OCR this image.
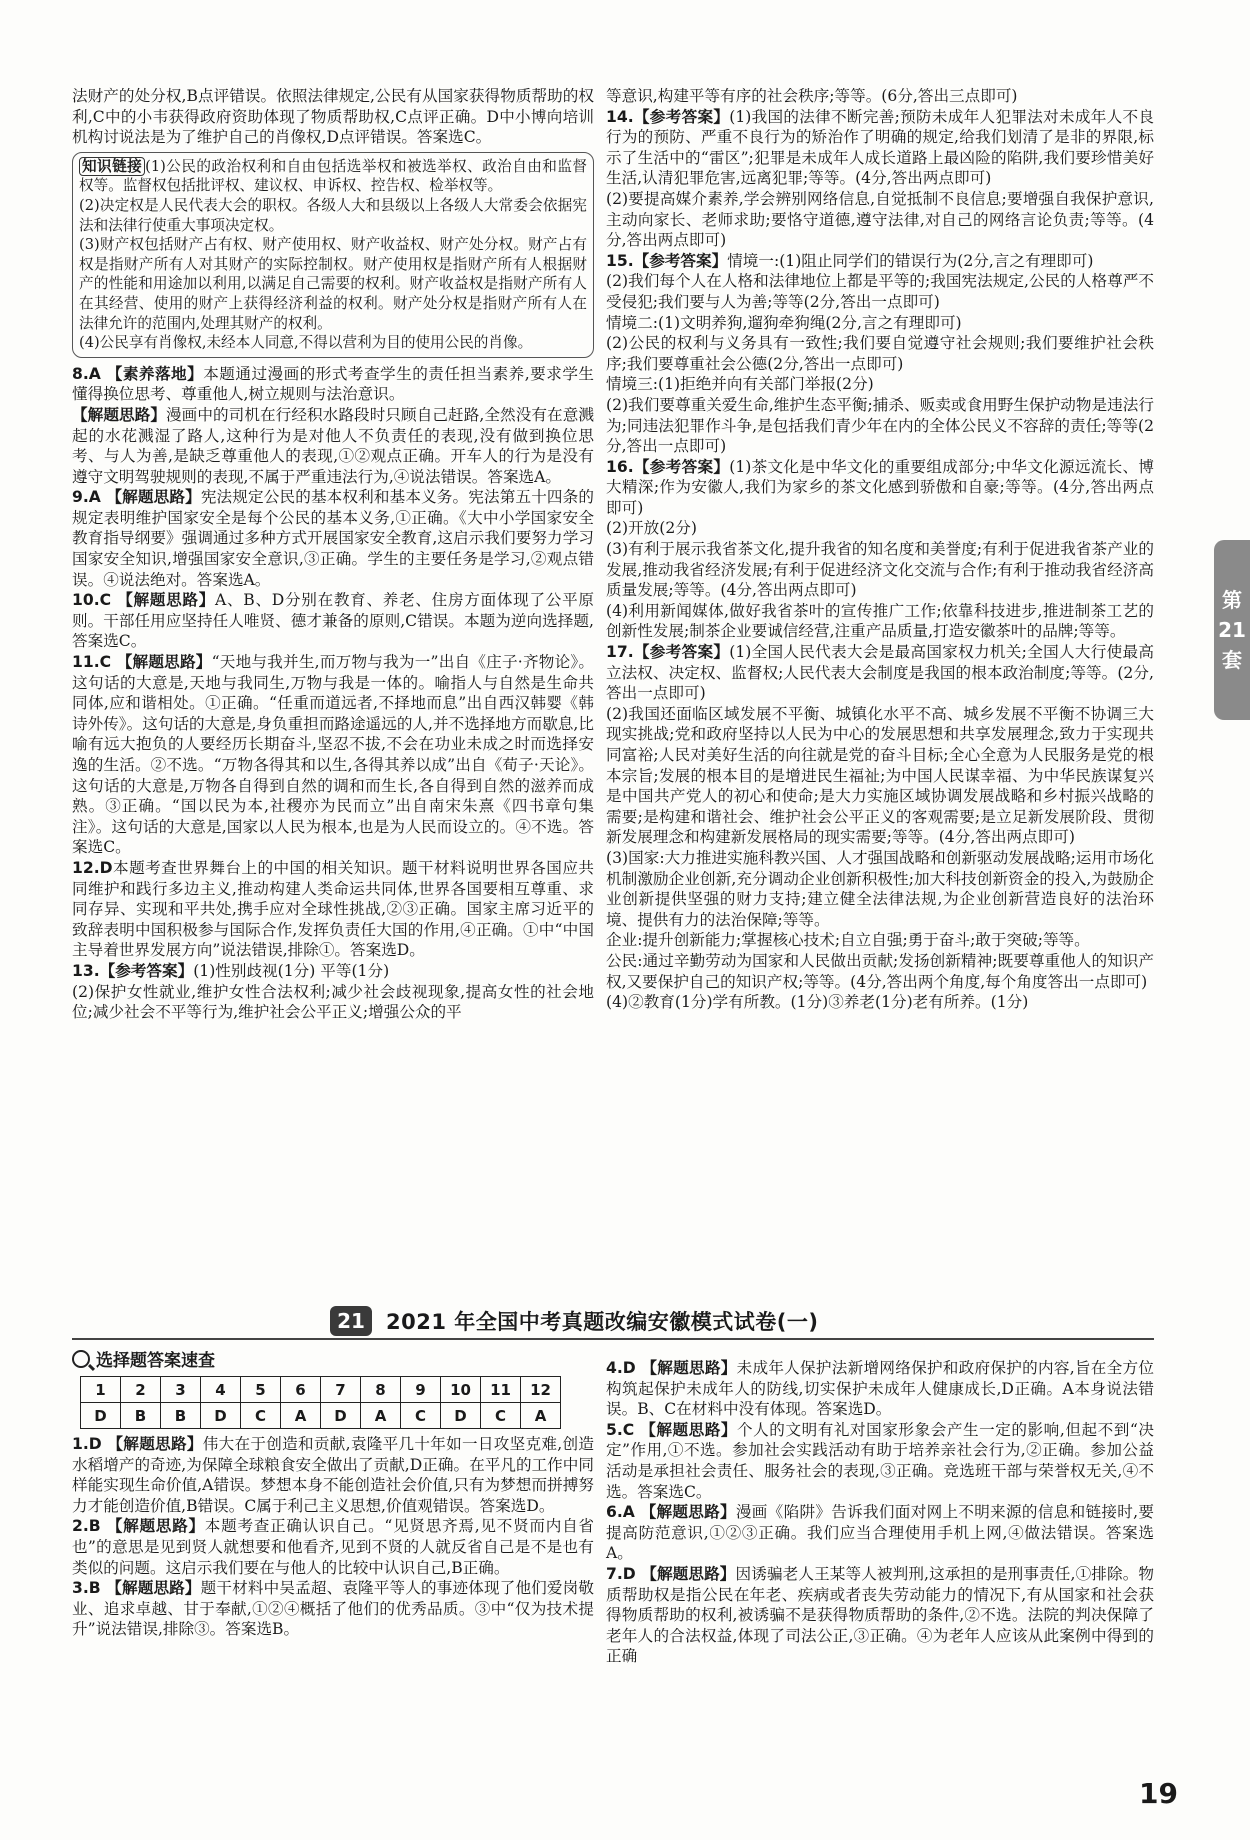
法财产的处分权,B点评错误。依照法律规定,公民有从国家获得物质帮助的权利,C中的小韦获得政府资助体现了物质帮助权,C点评正确。D中小博向培训机构讨说法是为了维护自己的肖像权,D点评错误。答案选C。

知识链接 (1)公民的政治权利和自由包括选举权和被选举权、政治自由和监督权等。监督权包括批评权、建议权、申诉权、控告权、检举权等。
(2)决定权是人民代表大会的职权。各级人大和县级以上各级人大常委会依据宪法和法律行使重大事项决定权。
(3)财产权包括财产占有权、财产使用权、财产收益权、财产处分权。财产占有权是指财产所有人对其财产的实际控制权。财产使用权是指财产所有人根据财产的性能和用途加以利用,以满足自己需要的权利。财产收益权是指财产所有人在其经营、使用的财产上获得经济利益的权利。财产处分权是指财产所有人在法律允许的范围内,处理其财产的权利。
(4)公民享有肖像权,未经本人同意,不得以营利为目的使用公民的肖像。

8.A 【素养落地】本题通过漫画的形式考查学生的责任担当素养,要求学生懂得换位思考、尊重他人,树立规则与法治意识。

【解题思路】漫画中的司机在行经积水路段时只顾自己赶路,全然没有在意溅起的水花溅湿了路人,这种行为是对他人不负责任的表现,没有做到换位思考、与人为善,是缺乏尊重他人的表现,①②观点正确。开车人的行为是没有遵守文明驾驶规则的表现,不属于严重违法行为,④说法错误。答案选A。

9.A 【解题思路】宪法规定公民的基本权利和基本义务。宪法第五十四条的规定表明维护国家安全是每个公民的基本义务,①正确。《大中小学国家安全教育指导纲要》强调通过多种方式开展国家安全教育,这启示我们要努力学习国家安全知识,增强国家安全意识,③正确。学生的主要任务是学习,②观点错误。④说法绝对。答案选A。

10.C 【解题思路】A、B、D分别在教育、养老、住房方面体现了公平原则。干部任用应坚持任人唯贤、德才兼备的原则,C错误。本题为逆向选择题,答案选C。

11.C 【解题思路】“天地与我并生,而万物与我为一”出自《庄子·齐物论》。这句话的大意是,天地与我同生,万物与我是一体的。喻指人与自然是生命共同体,应和谐相处。①正确。“任重而道远者,不择地而息”出自西汉韩婴《韩诗外传》。这句话的大意是,身负重担而路途遥远的人,并不选择地方而歇息,比喻有远大抱负的人要经历长期奋斗,坚忍不拔,不会在功业未成之时而选择安逸的生活。②不选。“万物各得其和以生,各得其养以成”出自《荀子·天论》。这句话的大意是,万物各自得到自然的调和而生长,各自得到自然的滋养而成熟。③正确。“国以民为本,社稷亦为民而立”出自南宋朱熹《四书章句集注》。这句话的大意是,国家以人民为根本,也是为人民而设立的。④不选。答案选C。

12.D本题考查世界舞台上的中国的相关知识。题干材料说明世界各国应共同维护和践行多边主义,推动构建人类命运共同体,世界各国要相互尊重、求同存异、实现和平共处,携手应对全球性挑战,②③正确。国家主席习近平的致辞表明中国积极参与国际合作,发挥负责任大国的作用,④正确。①中“中国主导着世界发展方向”说法错误,排除①。答案选D。

13.【参考答案】(1)性别歧视(1分) 平等(1分)

(2)保护女性就业,维护女性合法权利;减少社会歧视现象,提高女性的社会地位;减少社会不平等行为,维护社会公平正义;增强公众的平

等意识,构建平等有序的社会秩序;等等。(6分,答出三点即可)

14.【参考答案】(1)我国的法律不断完善;预防未成年人犯罪法对未成年人不良行为的预防、严重不良行为的矫治作了明确的规定,给我们划清了是非的界限,标示了生活中的“雷区”;犯罪是未成年人成长道路上最凶险的陷阱,我们要珍惜美好生活,认清犯罪危害,远离犯罪;等等。(4分,答出两点即可)

(2)要提高媒介素养,学会辨别网络信息,自觉抵制不良信息;要增强自我保护意识,主动向家长、老师求助;要恪守道德,遵守法律,对自己的网络言论负责;等等。(4分,答出两点即可)

15.【参考答案】情境一:(1)阻止同学们的错误行为(2分,言之有理即可)

(2)我们每个人在人格和法律地位上都是平等的;我国宪法规定,公民的人格尊严不受侵犯;我们要与人为善;等等(2分,答出一点即可)

情境二:(1)文明养狗,遛狗牵狗绳(2分,言之有理即可)

(2)公民的权利与义务具有一致性;我们要自觉遵守社会规则;我们要维护社会秩序;我们要尊重社会公德(2分,答出一点即可)

情境三:(1)拒绝并向有关部门举报(2分)

(2)我们要尊重关爱生命,维护生态平衡;捕杀、贩卖或食用野生保护动物是违法行为;同违法犯罪作斗争,是包括我们青少年在内的全体公民义不容辞的责任;等等(2分,答出一点即可)

16.【参考答案】(1)茶文化是中华文化的重要组成部分;中华文化源远流长、博大精深;作为安徽人,我们为家乡的茶文化感到骄傲和自豪;等等。(4分,答出两点即可)

(2)开放(2分)

(3)有利于展示我省茶文化,提升我省的知名度和美誉度;有利于促进我省茶产业的发展,推动我省经济发展;有利于促进经济文化交流与合作;有利于推动我省经济高质量发展;等等。(4分,答出两点即可)

(4)利用新闻媒体,做好我省茶叶的宣传推广工作;依靠科技进步,推进制茶工艺的创新性发展;制茶企业要诚信经营,注重产品质量,打造安徽茶叶的品牌;等等。

17.【参考答案】(1)全国人民代表大会是最高国家权力机关;全国人大行使最高立法权、决定权、监督权;人民代表大会制度是我国的根本政治制度;等等。(2分,答出一点即可)

(2)我国还面临区域发展不平衡、城镇化水平不高、城乡发展不平衡不协调三大现实挑战;党和政府坚持以人民为中心的发展思想和共享发展理念,致力于实现共同富裕;人民对美好生活的向往就是党的奋斗目标;全心全意为人民服务是党的根本宗旨;发展的根本目的是增进民生福祉;为中国人民谋幸福、为中华民族谋复兴是中国共产党人的初心和使命;是大力实施区域协调发展战略和乡村振兴战略的需要;是构建和谐社会、维护社会公平正义的客观需要;是立足新发展阶段、贯彻新发展理念和构建新发展格局的现实需要;等等。(4分,答出两点即可)

(3)国家:大力推进实施科教兴国、人才强国战略和创新驱动发展战略;运用市场化机制激励企业创新,充分调动企业创新积极性;加大科技创新资金的投入,为鼓励企业创新提供坚强的财力支持;建立健全法律法规,为企业创新营造良好的法治环境、提供有力的法治保障;等等。

企业:提升创新能力;掌握核心技术;自立自强;勇于奋斗;敢于突破;等等。

公民:通过辛勤劳动为国家和人民做出贡献;发扬创新精神;既要尊重他人的知识产权,又要保护自己的知识产权;等等。(4分,答出两个角度,每个角度答出一点即可)

(4)②教育(1分)学有所教。(1分)③养老(1分)老有所养。(1分)

21	2021 年全国中考真题改编安徽模式试卷(一)
选择题答案速查
1	2	3	4	5	6	7	8	9	10	11	12
D	B	B	D	C	A	D	A	C	D	C	A

1.D 【解题思路】伟大在于创造和贡献,袁隆平几十年如一日攻坚克难,创造水稻增产的奇迹,为保障全球粮食安全做出了贡献,D正确。在平凡的工作中同样能实现生命价值,A错误。梦想本身不能创造社会价值,只有为梦想而拼搏努力才能创造价值,B错误。C属于利己主义思想,价值观错误。答案选D。

2.B 【解题思路】本题考查正确认识自己。“见贤思齐焉,见不贤而内自省也”的意思是见到贤人就想要和他看齐,见到不贤的人就反省自己是不是也有类似的问题。这启示我们要在与他人的比较中认识自己,B正确。

3.B 【解题思路】题干材料中吴孟超、袁隆平等人的事迹体现了他们爱岗敬业、追求卓越、甘于奉献,①②④概括了他们的优秀品质。③中“仅为技术提升”说法错误,排除③。答案选B。

4.D 【解题思路】未成年人保护法新增网络保护和政府保护的内容,旨在全方位构筑起保护未成年人的防线,切实保护未成年人健康成长,D正确。A本身说法错误。B、C在材料中没有体现。答案选D。

5.C 【解题思路】个人的文明有礼对国家形象会产生一定的影响,但起不到“决定”作用,①不选。参加社会实践活动有助于培养亲社会行为,②正确。参加公益活动是承担社会责任、服务社会的表现,③正确。竞选班干部与荣誉权无关,④不选。答案选C。

6.A 【解题思路】漫画《陷阱》告诉我们面对网上不明来源的信息和链接时,要提高防范意识,①②③正确。我们应当合理使用手机上网,④做法错误。答案选A。

7.D 【解题思路】因诱骗老人王某等人被判刑,这承担的是刑事责任,①排除。物质帮助权是指公民在年老、疾病或者丧失劳动能力的情况下,有从国家和社会获得物质帮助的权利,被诱骗不是获得物质帮助的条件,②不选。法院的判决保障了老年人的合法权益,体现了司法公正,③正确。④为老年人应该从此案例中得到的正确

第
21
套
19
